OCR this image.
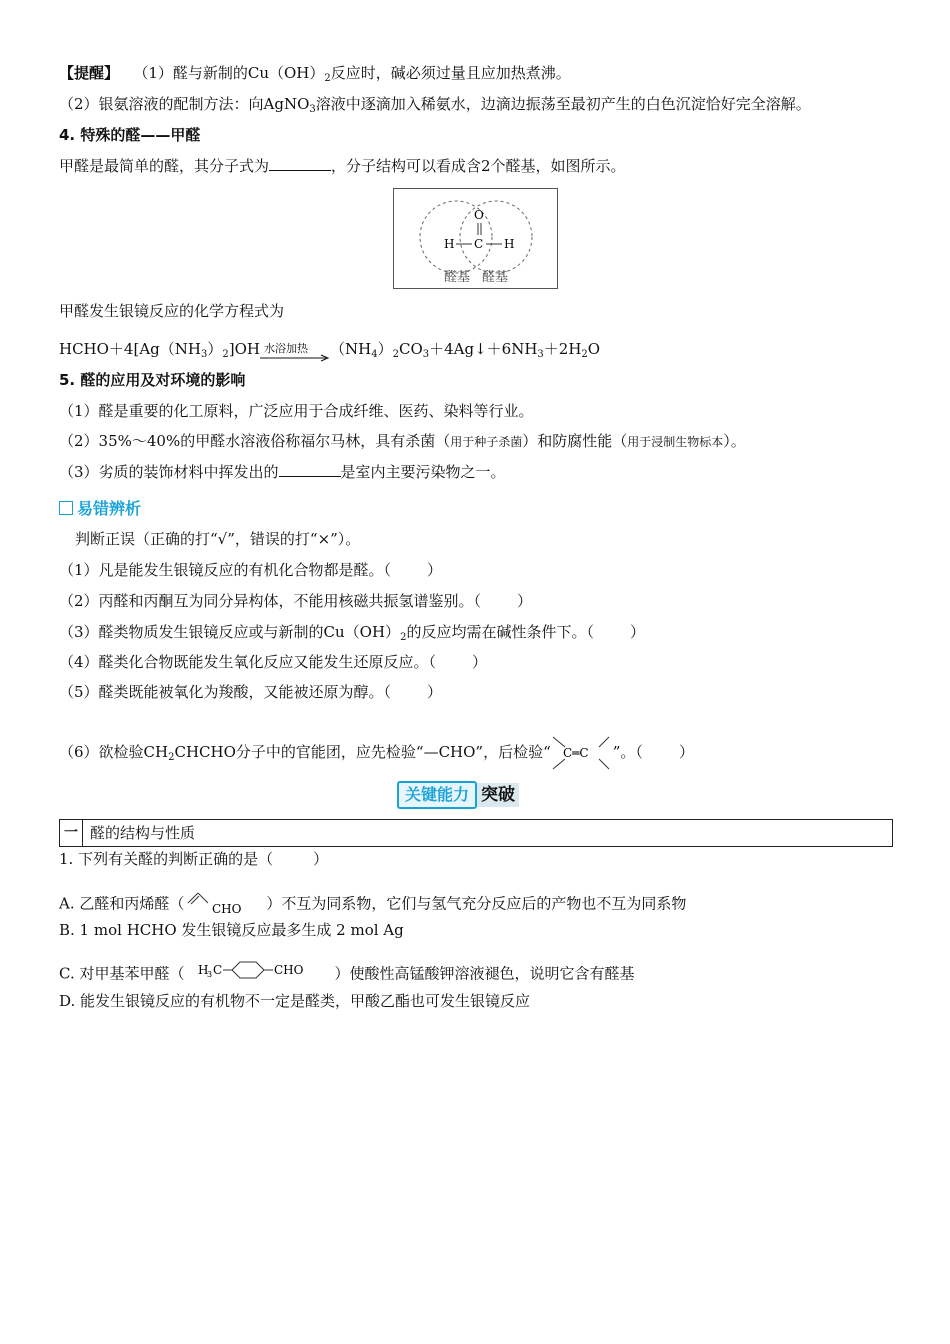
【提醒】 （1）醛与新制的$Cu(OH)_2$反应时，碱必须过量且应加热煮沸。
（2）银氨溶液的配制方法：向AgNO$_3$溶液中逐滴加入稀氨水，边滴边振荡至最初产生的白色沉淀恰好完全溶解。
4. 特殊的醛——甲醛
甲醛是最简单的醛，其分子式为	，分子结构可以看成含2个醛基，如图所示。
O
H C H
醛基 醛基
甲醛发生银镜反应的化学方程式为
$HCHO+4[Ag(NH_3)_2]OH$ 水浴加热 $(NH_4)_2CO_3+4Ag↓+6NH_3+2H_2O$
5. 醛的应用及对环境的影响
（1）醛是重要的化工原料，广泛应用于合成纤维、医药、染料等行业。
（2）35%～40%的甲醛水溶液俗称福尔马林，具有杀菌（用于种子杀菌）和防腐性能（用于浸制生物标本）。
（3）劣质的装饰材料中挥发出的	是室内主要污染物之一。
易错辨析
判断正误（正确的打“√”，错误的打“×”）。
（1）凡是能发生银镜反应的有机化合物都是醛。（ ）
（2）丙醛和丙酮互为同分异构体，不能用核磁共振氢谱鉴别。（ ）
（3）醛类物质发生银镜反应或与新制的$Cu(OH)_2$的反应均需在碱性条件下。（ ）
（4）醛类化合物既能发生氧化反应又能发生还原反应。（ ）
（5）醛类既能被氧化为羧酸，又能被还原为醇。（ ）
（6）欲检验$CH_2CHCHO$分子中的官能团，应先检验“—CHO”，后检验“ C═C ”。（ ）
关键能力 突破
一 醛的结构与性质
1. 下列有关醛的判断正确的是（	）
A. 乙醛和丙烯醛（ CHO ）不互为同系物，它们与氢气充分反应后的产物也不互为同系物
B. 1 mol HCHO 发生银镜反应最多生成 2 mol Ag
C. 对甲基苯甲醛（ H
3 C	CHO ）使酸性高锰酸钾溶液褪色，说明它含有醛基
D. 能发生银镜反应的有机物不一定是醛类，甲酸乙酯也可发生银镜反应
